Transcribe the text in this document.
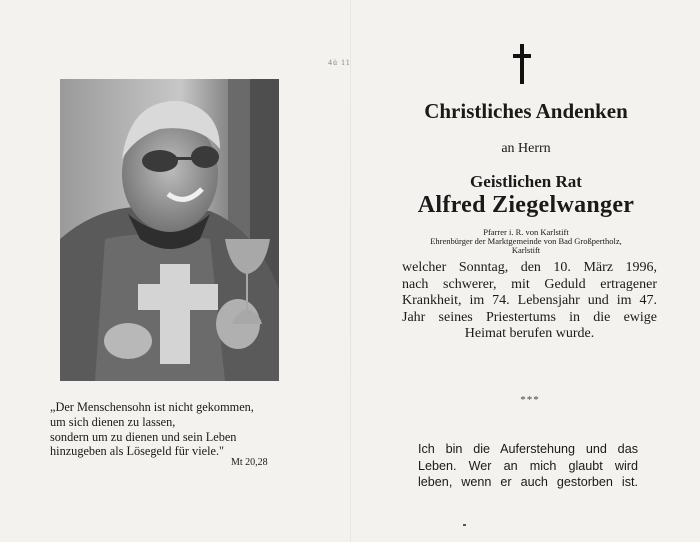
4ü 11
„Der Menschensohn ist nicht gekommen,
um sich dienen zu lassen,
sondern um zu dienen und sein Leben
hinzugeben als Lösegeld für viele."
Mt 20,28
Christliches Andenken
an Herrn
Geistlichen Rat
Alfred Ziegelwanger
Pfarrer i. R. von Karlstift
Ehrenbürger der Marktgemeinde von Bad Großpertholz,
Karlstift
welcher Sonntag, den 10. März 1996,
nach schwerer, mit Geduld ertragener
Krankheit, im 74. Lebensjahr und im 47.
Jahr seines Priestertums in die ewige
Heimat berufen wurde.
***
Ich bin die Auferstehung und das
Leben. Wer an mich glaubt wird
leben, wenn er auch gestorben ist.
